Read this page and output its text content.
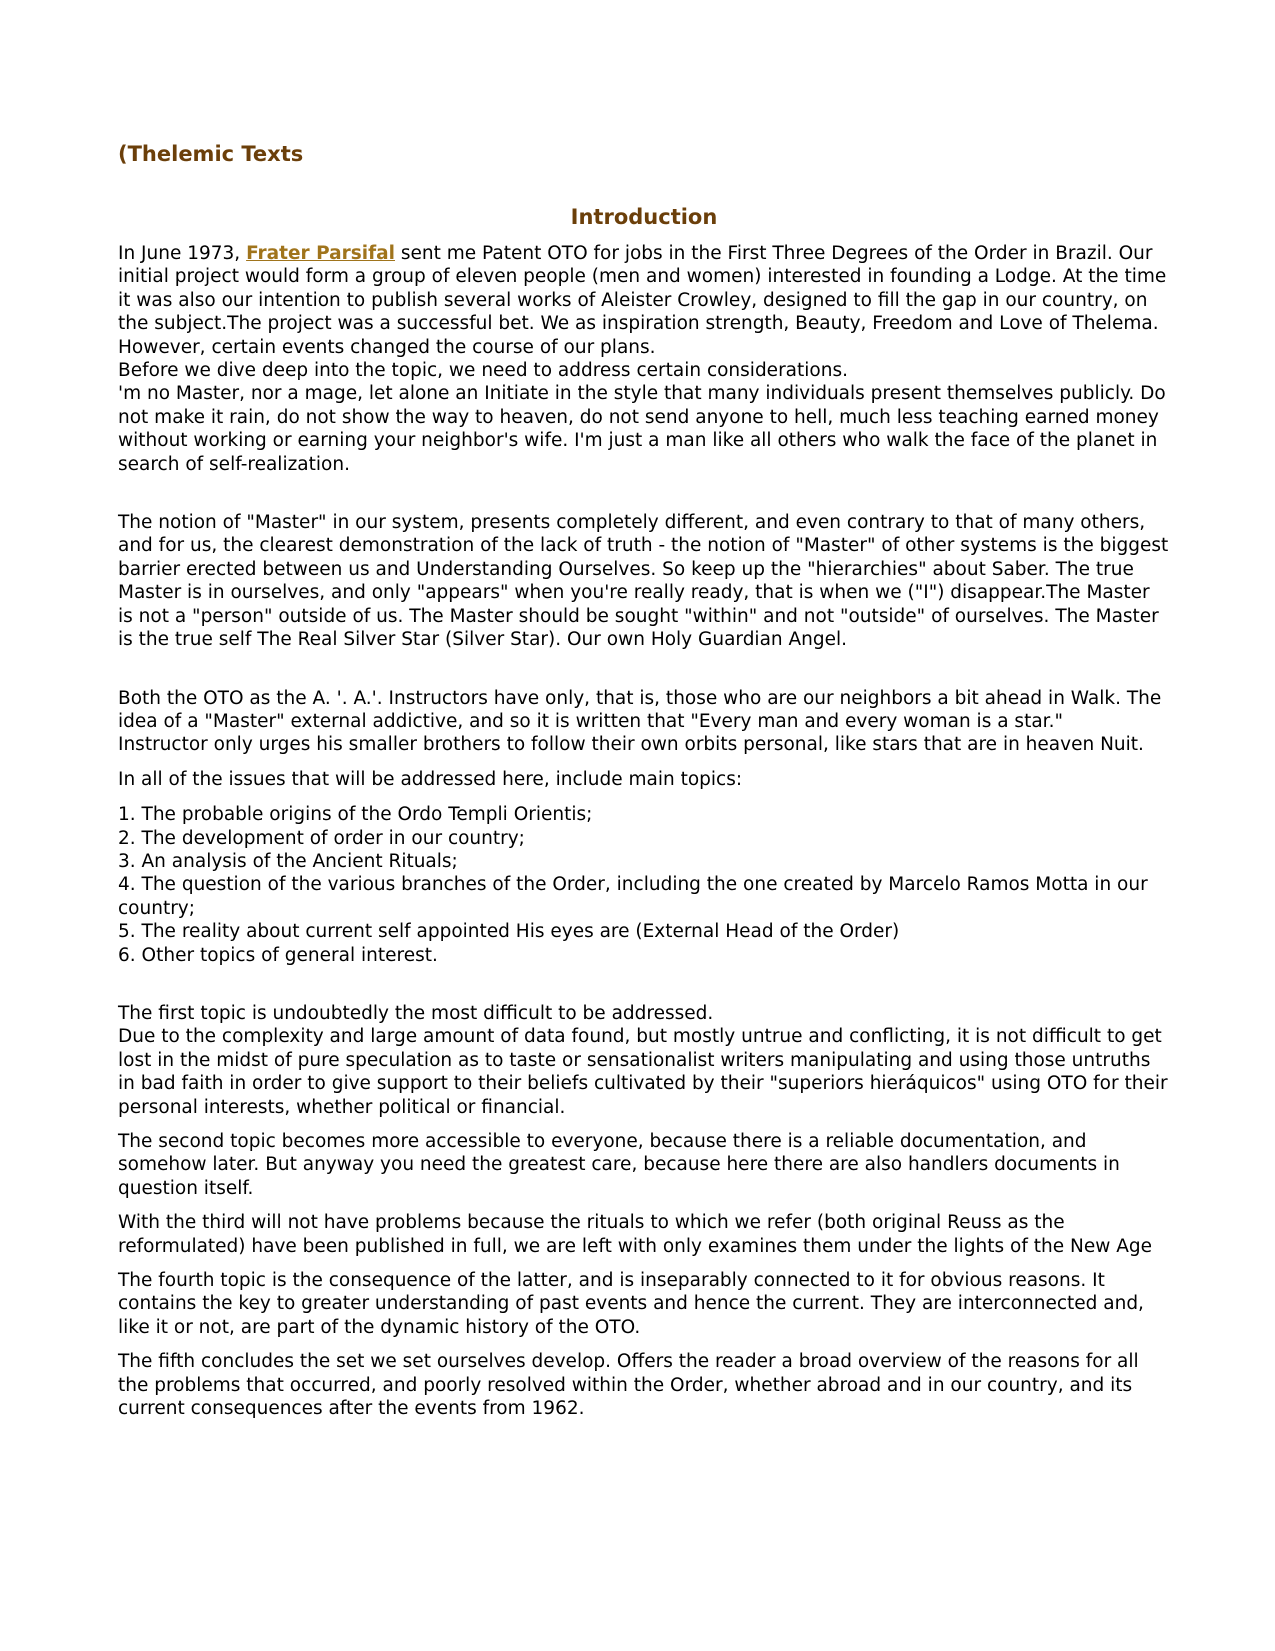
(Thelemic Texts
Introduction

In June 1973, Frater Parsifal sent me Patent OTO for jobs in the First Three Degrees of the Order in Brazil. Our initial project would form a group of eleven people (men and women) interested in founding a Lodge. At the time it was also our intention to publish several works of Aleister Crowley, designed to fill the gap in our country, on the subject.The project was a successful bet. We as inspiration strength, Beauty, Freedom and Love of Thelema. However, certain events changed the course of our plans.

Before we dive deep into the topic, we need to address certain considerations.

'm no Master, nor a mage, let alone an Initiate in the style that many individuals present themselves publicly. Do not make it rain, do not show the way to heaven, do not send anyone to hell, much less teaching earned money without working or earning your neighbor's wife. I'm just a man like all others who walk the face of the planet in search of self-realization.

The notion of "Master" in our system, presents completely different, and even contrary to that of many others, and for us, the clearest demonstration of the lack of truth - the notion of "Master" of other systems is the biggest barrier erected between us and Understanding Ourselves. So keep up the "hierarchies" about Saber. The true Master is in ourselves, and only "appears" when you're really ready, that is when we ("I") disappear.The Master is not a "person" outside of us. The Master should be sought "within" and not "outside" of ourselves. The Master is the true self The Real Silver Star (Silver Star). Our own Holy Guardian Angel.

Both the OTO as the A. '. A.'. Instructors have only, that is, those who are our neighbors a bit ahead in Walk. The idea of a "Master" external addictive, and so it is written that "Every man and every woman is a star."

Instructor only urges his smaller brothers to follow their own orbits personal, like stars that are in heaven Nuit.

In all of the issues that will be addressed here, include main topics:

1. The probable origins of the Ordo Templi Orientis;

2. The development of order in our country;

3. An analysis of the Ancient Rituals;

4. The question of the various branches of the Order, including the one created by Marcelo Ramos Motta in our country;

5. The reality about current self appointed His eyes are (External Head of the Order)

6. Other topics of general interest.

The first topic is undoubtedly the most difficult to be addressed.

Due to the complexity and large amount of data found, but mostly untrue and conflicting, it is not difficult to get lost in the midst of pure speculation as to taste or sensationalist writers manipulating and using those untruths in bad faith in order to give support to their beliefs cultivated by their "superiors hieráquicos" using OTO for their personal interests, whether political or financial.

The second topic becomes more accessible to everyone, because there is a reliable documentation, and somehow later. But anyway you need the greatest care, because here there are also handlers documents in question itself.

With the third will not have problems because the rituals to which we refer (both original Reuss as the reformulated) have been published in full, we are left with only examines them under the lights of the New Age

The fourth topic is the consequence of the latter, and is inseparably connected to it for obvious reasons. It contains the key to greater understanding of past events and hence the current. They are interconnected and, like it or not, are part of the dynamic history of the OTO.

The fifth concludes the set we set ourselves develop. Offers the reader a broad overview of the reasons for all the problems that occurred, and poorly resolved within the Order, whether abroad and in our country, and its current consequences after the events from 1962.
